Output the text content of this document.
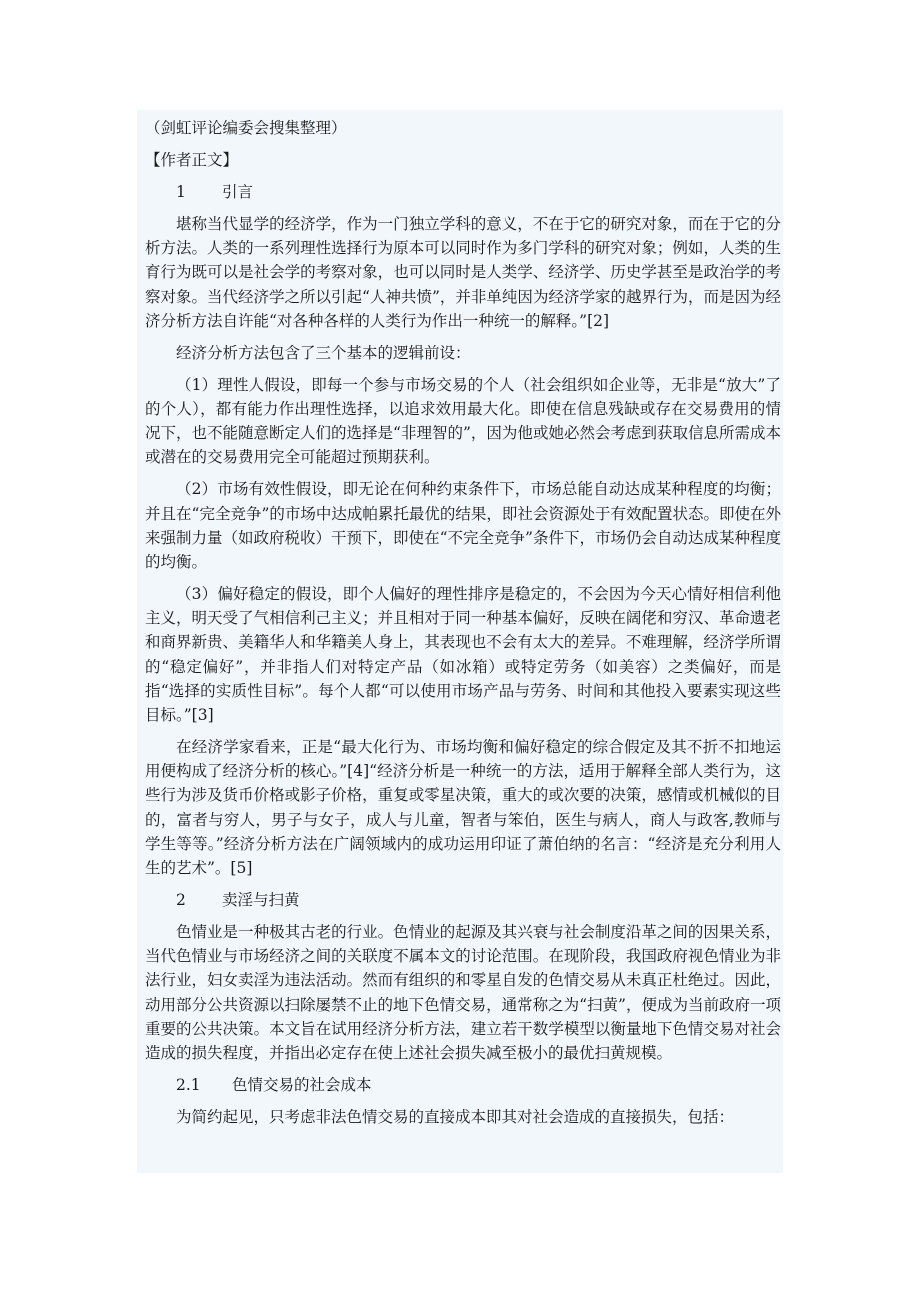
（剑虹评论编委会搜集整理）

【作者正文】

1 引言

堪称当代显学的经济学，作为一门独立学科的意义，不在于它的研究对象，而在于它的分析方法。人类的一系列理性选择行为原本可以同时作为多门学科的研究对象；例如，人类的生育行为既可以是社会学的考察对象，也可以同时是人类学、经济学、历史学甚至是政治学的考察对象。当代经济学之所以引起“人神共愤”，并非单纯因为经济学家的越界行为，而是因为经济分析方法自许能“对各种各样的人类行为作出一种统一的解释。”[2]

经济分析方法包含了三个基本的逻辑前设：

（1）理性人假设，即每一个参与市场交易的个人（社会组织如企业等，无非是“放大”了的个人），都有能力作出理性选择，以追求效用最大化。即使在信息残缺或存在交易费用的情况下，也不能随意断定人们的选择是“非理智的”，因为他或她必然会考虑到获取信息所需成本或潜在的交易费用完全可能超过预期获利。

（2）市场有效性假设，即无论在何种约束条件下，市场总能自动达成某种程度的均衡；并且在“完全竞争”的市场中达成帕累托最优的结果，即社会资源处于有效配置状态。即使在外来强制力量（如政府税收）干预下，即使在“不完全竞争”条件下，市场仍会自动达成某种程度的均衡。

（3）偏好稳定的假设，即个人偏好的理性排序是稳定的，不会因为今天心情好相信利他主义，明天受了气相信利己主义；并且相对于同一种基本偏好，反映在阔佬和穷汉、革命遗老和商界新贵、美籍华人和华籍美人身上，其表现也不会有太大的差异。不难理解，经济学所谓的“稳定偏好”，并非指人们对特定产品（如冰箱）或特定劳务（如美容）之类偏好，而是指“选择的实质性目标”。每个人都“可以使用市场产品与劳务、时间和其他投入要素实现这些目标。”[3]

在经济学家看来，正是“最大化行为、市场均衡和偏好稳定的综合假定及其不折不扣地运用便构成了经济分析的核心。”[4]“经济分析是一种统一的方法，适用于解释全部人类行为，这些行为涉及货币价格或影子价格，重复或零星决策，重大的或次要的决策，感情或机械似的目的，富者与穷人，男子与女子，成人与儿童，智者与笨伯，医生与病人，商人与政客,教师与学生等等。”经济分析方法在广阔领域内的成功运用印证了萧伯纳的名言：“经济是充分利用人生的艺术”。[5]

2 卖淫与扫黄

色情业是一种极其古老的行业。色情业的起源及其兴衰与社会制度沿革之间的因果关系，当代色情业与市场经济之间的关联度不属本文的讨论范围。在现阶段，我国政府视色情业为非法行业，妇女卖淫为违法活动。然而有组织的和零星自发的色情交易从未真正杜绝过。因此，动用部分公共资源以扫除屡禁不止的地下色情交易，通常称之为“扫黄”，便成为当前政府一项重要的公共决策。本文旨在试用经济分析方法，建立若干数学模型以衡量地下色情交易对社会造成的损失程度，并指出必定存在使上述社会损失减至极小的最优扫黄规模。

2.1 色情交易的社会成本

为简约起见，只考虑非法色情交易的直接成本即其对社会造成的直接损失，包括：
